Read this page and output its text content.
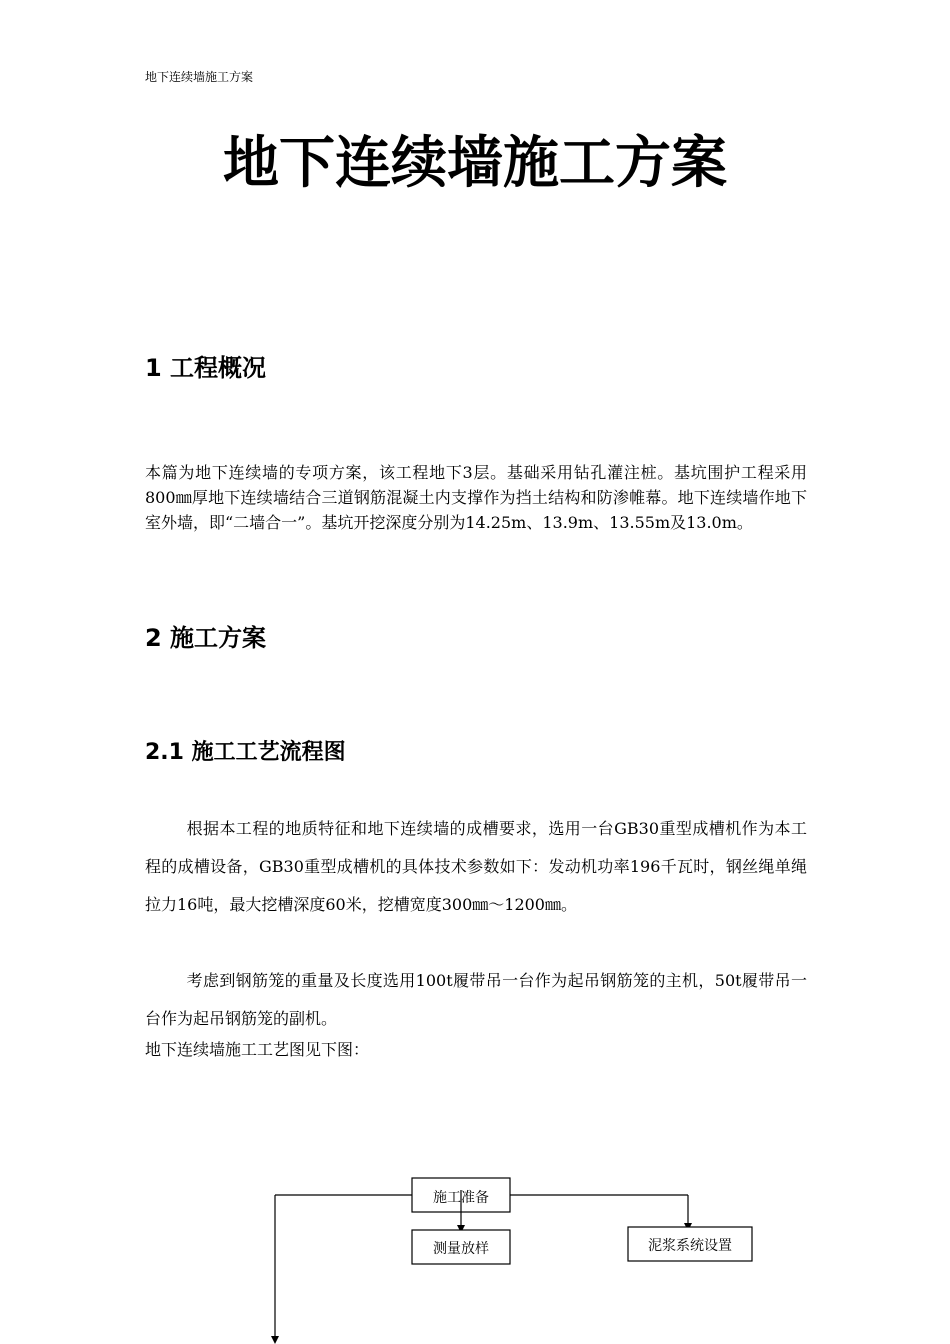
地下连续墙施工方案
地下连续墙施工方案
1 工程概况

本篇为地下连续墙的专项方案，该工程地下3层。基础采用钻孔灌注桩。基坑围护工程采用800㎜厚地下连续墙结合三道钢筋混凝土内支撑作为挡土结构和防渗帷幕。地下连续墙作地下室外墙，即“二墙合一”。基坑开挖深度分别为14.25m、13.9m、13.55m及13.0m。

2 施工方案
2.1 施工工艺流程图

根据本工程的地质特征和地下连续墙的成槽要求，选用一台GB30重型成槽机作为本工程的成槽设备，GB30重型成槽机的具体技术参数如下：发动机功率196千瓦时，钢丝绳单绳拉力16吨，最大挖槽深度60米，挖槽宽度300㎜～1200㎜。

考虑到钢筋笼的重量及长度选用100t履带吊一台作为起吊钢筋笼的主机，50t履带吊一台作为起吊钢筋笼的副机。

地下连续墙施工工艺图见下图：
施工准备
测量放样	泥浆系统设置
